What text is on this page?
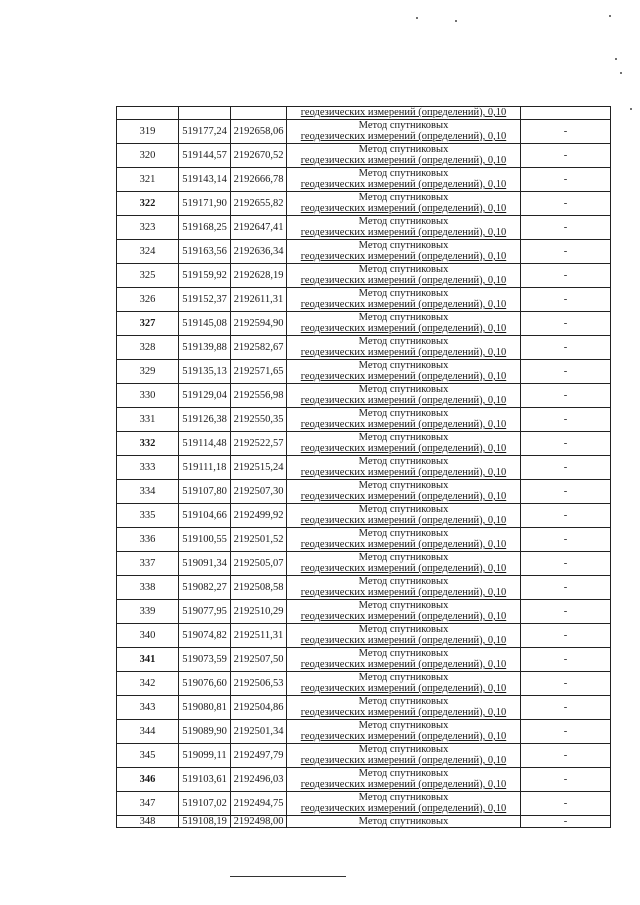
			геодезических измерений (определений), 0,10	

319	519177,24	2192658,06	Метод спутниковых
геодезических измерений (определений), 0,10	-
320	519144,57	2192670,52	Метод спутниковых
геодезических измерений (определений), 0,10	-
321	519143,14	2192666,78	Метод спутниковых
геодезических измерений (определений), 0,10	-
322	519171,90	2192655,82	Метод спутниковых
геодезических измерений (определений), 0,10	-
323	519168,25	2192647,41	Метод спутниковых
геодезических измерений (определений), 0,10	-
324	519163,56	2192636,34	Метод спутниковых
геодезических измерений (определений), 0,10	-
325	519159,92	2192628,19	Метод спутниковых
геодезических измерений (определений), 0,10	-
326	519152,37	2192611,31	Метод спутниковых
геодезических измерений (определений), 0,10	-
327	519145,08	2192594,90	Метод спутниковых
геодезических измерений (определений), 0,10	-
328	519139,88	2192582,67	Метод спутниковых
геодезических измерений (определений), 0,10	-
329	519135,13	2192571,65	Метод спутниковых
геодезических измерений (определений), 0,10	-
330	519129,04	2192556,98	Метод спутниковых
геодезических измерений (определений), 0,10	-
331	519126,38	2192550,35	Метод спутниковых
геодезических измерений (определений), 0,10	-
332	519114,48	2192522,57	Метод спутниковых
геодезических измерений (определений), 0,10	-
333	519111,18	2192515,24	Метод спутниковых
геодезических измерений (определений), 0,10	-
334	519107,80	2192507,30	Метод спутниковых
геодезических измерений (определений), 0,10	-
335	519104,66	2192499,92	Метод спутниковых
геодезических измерений (определений), 0,10	-
336	519100,55	2192501,52	Метод спутниковых
геодезических измерений (определений), 0,10	-
337	519091,34	2192505,07	Метод спутниковых
геодезических измерений (определений), 0,10	-
338	519082,27	2192508,58	Метод спутниковых
геодезических измерений (определений), 0,10	-
339	519077,95	2192510,29	Метод спутниковых
геодезических измерений (определений), 0,10	-
340	519074,82	2192511,31	Метод спутниковых
геодезических измерений (определений), 0,10	-
341	519073,59	2192507,50	Метод спутниковых
геодезических измерений (определений), 0,10	-
342	519076,60	2192506,53	Метод спутниковых
геодезических измерений (определений), 0,10	-
343	519080,81	2192504,86	Метод спутниковых
геодезических измерений (определений), 0,10	-
344	519089,90	2192501,34	Метод спутниковых
геодезических измерений (определений), 0,10	-
345	519099,11	2192497,79	Метод спутниковых
геодезических измерений (определений), 0,10	-
346	519103,61	2192496,03	Метод спутниковых
геодезических измерений (определений), 0,10	-
347	519107,02	2192494,75	Метод спутниковых
геодезических измерений (определений), 0,10	-
348	519108,19	2192498,00	Метод спутниковых	-
